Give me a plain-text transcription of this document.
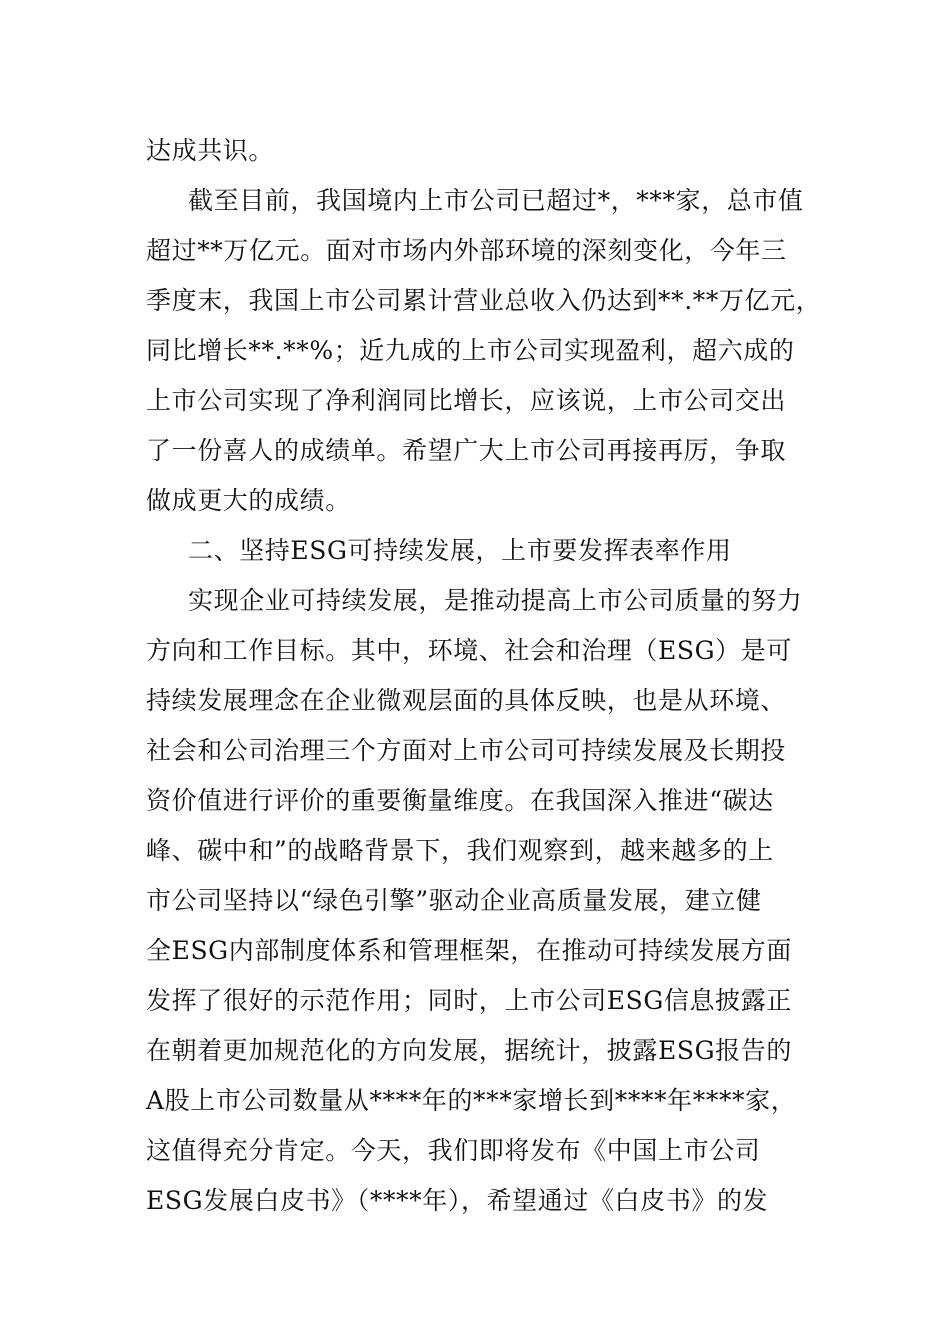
达成共识。
截至目前，我国境内上市公司已超过*，***家，总市值
超过**万亿元。面对市场内外部环境的深刻变化，今年三
季度末，我国上市公司累计营业总收入仍达到**.**万亿元，
同比增长**.**%；近九成的上市公司实现盈利，超六成的
上市公司实现了净利润同比增长，应该说，上市公司交出
了一份喜人的成绩单。希望广大上市公司再接再厉，争取
做成更大的成绩。
二、坚持ESG可持续发展，上市要发挥表率作用
实现企业可持续发展，是推动提高上市公司质量的努力
方向和工作目标。其中，环境、社会和治理（ESG）是可
持续发展理念在企业微观层面的具体反映，也是从环境、
社会和公司治理三个方面对上市公司可持续发展及长期投
资价值进行评价的重要衡量维度。在我国深入推进“碳达
峰、碳中和”的战略背景下，我们观察到，越来越多的上
市公司坚持以“绿色引擎”驱动企业高质量发展，建立健
全ESG内部制度体系和管理框架，在推动可持续发展方面
发挥了很好的示范作用；同时，上市公司ESG信息披露正
在朝着更加规范化的方向发展，据统计，披露ESG报告的
A股上市公司数量从****年的***家增长到****年****家，
这值得充分肯定。今天，我们即将发布《中国上市公司
ESG发展白皮书》（****年），希望通过《白皮书》的发
